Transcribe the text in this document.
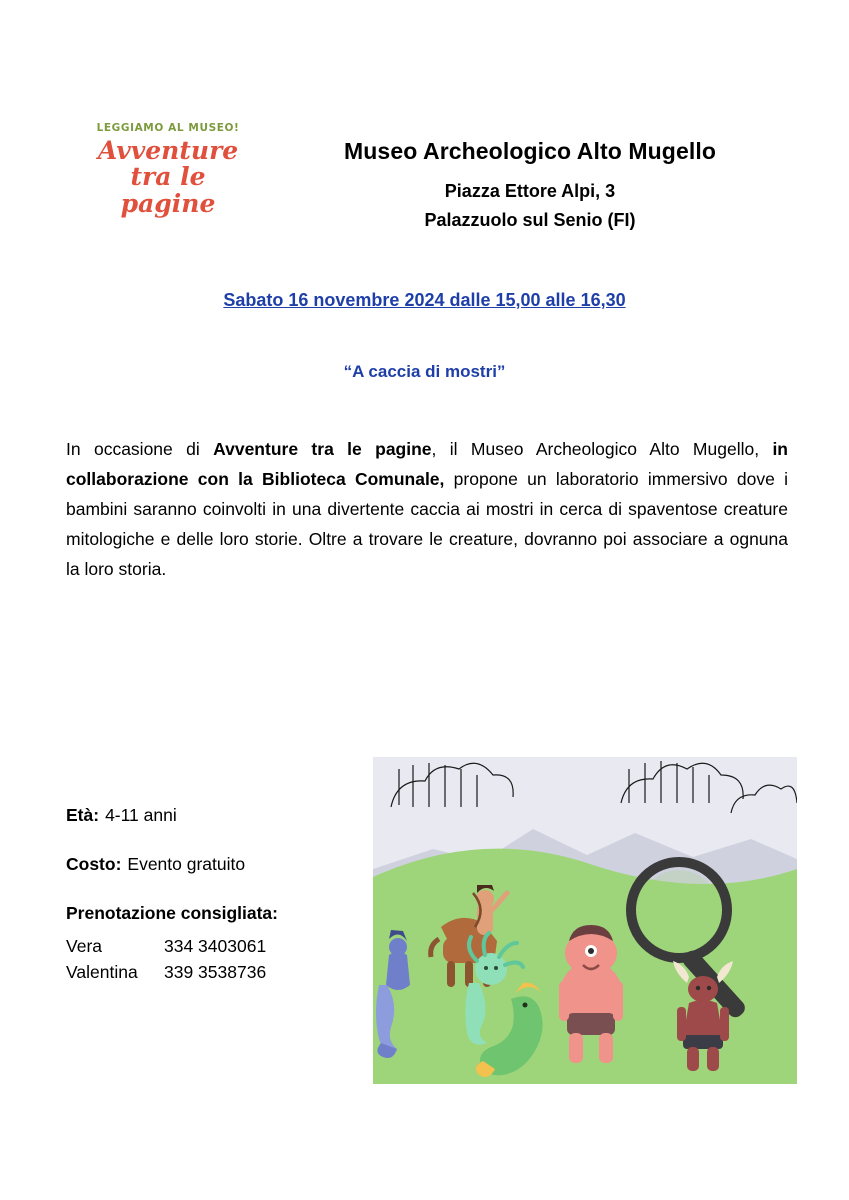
LEGGIAMO AL MUSEO!
Avventure
tra le pagine
Museo Archeologico Alto Mugello
Piazza Ettore Alpi, 3
Palazzuolo sul Senio (FI)
Sabato 16 novembre 2024 dalle 15,00 alle 16,30
“A caccia di mostri”
In occasione di Avventure tra le pagine, il Museo Archeologico Alto Mugello, in collaborazione con la Biblioteca Comunale, propone un laboratorio immersivo dove i bambini saranno coinvolti in una divertente caccia ai mostri in cerca di spaventose creature mitologiche e delle loro storie. Oltre a trovare le creature, dovranno poi associare a ognuna la loro storia.
Età: 4-11 anni
Costo: Evento gratuito
Prenotazione consigliata:
Vera	334 3403061
Valentina	339 3538736
